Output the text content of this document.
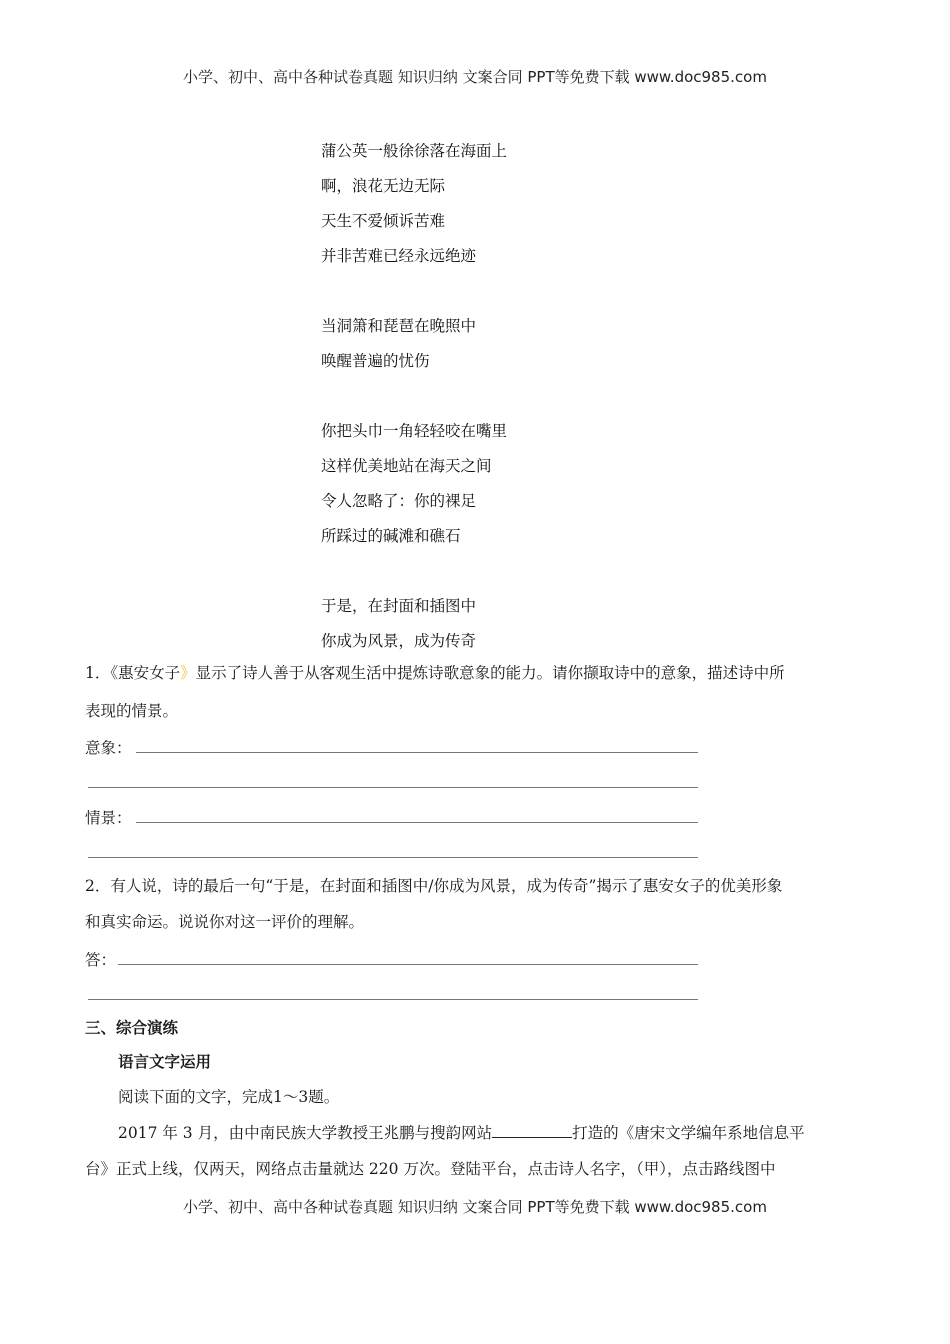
小学、初中、高中各种试卷真题 知识归纳 文案合同 PPT等免费下载 www.doc985.com
蒲公英一般徐徐落在海面上
啊，浪花无边无际
天生不爱倾诉苦难
并非苦难已经永远绝迹
当洞箫和琵琶在晚照中
唤醒普遍的忧伤
你把头巾一角轻轻咬在嘴里
这样优美地站在海天之间
令人忽略了：你的裸足
所踩过的碱滩和礁石
于是，在封面和插图中
你成为风景，成为传奇
1．《惠安女子》显示了诗人善于从客观生活中提炼诗歌意象的能力。请你撷取诗中的意象，描述诗中所
表现的情景。
意象：
情景：
2．有人说，诗的最后一句“于是，在封面和插图中/你成为风景，成为传奇”揭示了惠安女子的优美形象
和真实命运。说说你对这一评价的理解。
答：
三、综合演练
语言文字运用
阅读下面的文字，完成1～3题。
2017 年 3 月，由中南民族大学教授王兆鹏与搜韵网站	打造的《唐宋文学编年系地信息平
台》正式上线，仅两天，网络点击量就达 220 万次。登陆平台，点击诗人名字，（甲），点击路线图中
小学、初中、高中各种试卷真题 知识归纳 文案合同 PPT等免费下载 www.doc985.com
